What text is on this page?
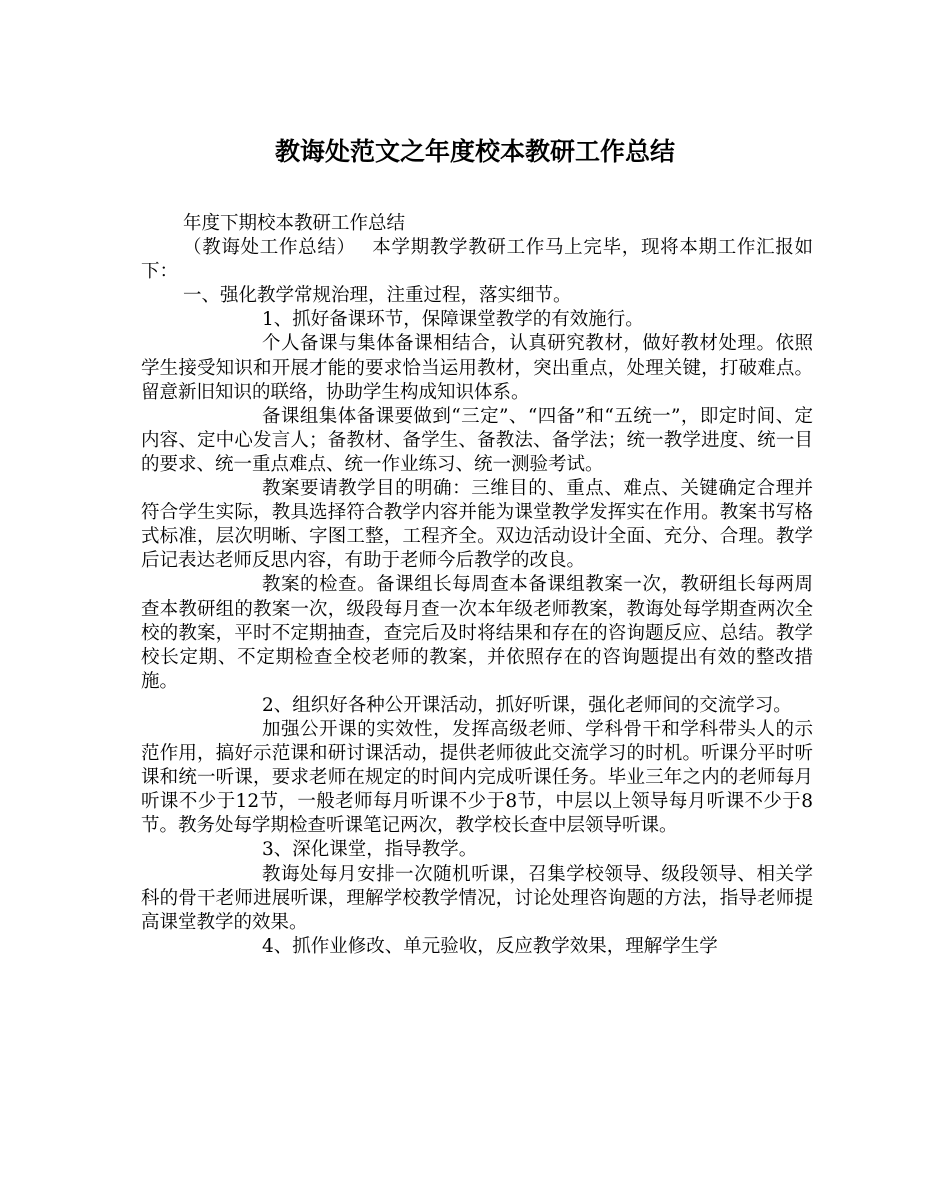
教诲处范文之年度校本教研工作总结

年度下期校本教研工作总结

（教诲处工作总结）　 本学期教学教研工作马上完毕，现将本期工作汇报如下：

一、强化教学常规治理，注重过程，落实细节。

1、抓好备课环节，保障课堂教学的有效施行。

个人备课与集体备课相结合，认真研究教材，做好教材处理。依照学生接受知识和开展才能的要求恰当运用教材，突出重点，处理关键，打破难点。留意新旧知识的联络，协助学生构成知识体系。

备课组集体备课要做到“三定”、“四备”和“五统一”，即定时间、定内容、定中心发言人；备教材、备学生、备教法、备学法；统一教学进度、统一目的要求、统一重点难点、统一作业练习、统一测验考试。

教案要请教学目的明确：三维目的、重点、难点、关键确定合理并符合学生实际，教具选择符合教学内容并能为课堂教学发挥实在作用。教案书写格式标准，层次明晰、字图工整，工程齐全。双边活动设计全面、充分、合理。教学后记表达老师反思内容，有助于老师今后教学的改良。

教案的检查。备课组长每周查本备课组教案一次，教研组长每两周查本教研组的教案一次，级段每月查一次本年级老师教案，教诲处每学期查两次全校的教案，平时不定期抽查，查完后及时将结果和存在的咨询题反应、总结。教学校长定期、不定期检查全校老师的教案，并依照存在的咨询题提出有效的整改措施。

2、组织好各种公开课活动，抓好听课，强化老师间的交流学习。

加强公开课的实效性，发挥高级老师、学科骨干和学科带头人的示范作用，搞好示范课和研讨课活动，提供老师彼此交流学习的时机。听课分平时听课和统一听课，要求老师在规定的时间内完成听课任务。毕业三年之内的老师每月听课不少于12节，一般老师每月听课不少于8节，中层以上领导每月听课不少于8节。教务处每学期检查听课笔记两次，教学校长查中层领导听课。

3、深化课堂，指导教学。

教诲处每月安排一次随机听课，召集学校领导、级段领导、相关学科的骨干老师进展听课，理解学校教学情况，讨论处理咨询题的方法，指导老师提高课堂教学的效果。

4、抓作业修改、单元验收，反应教学效果，理解学生学
